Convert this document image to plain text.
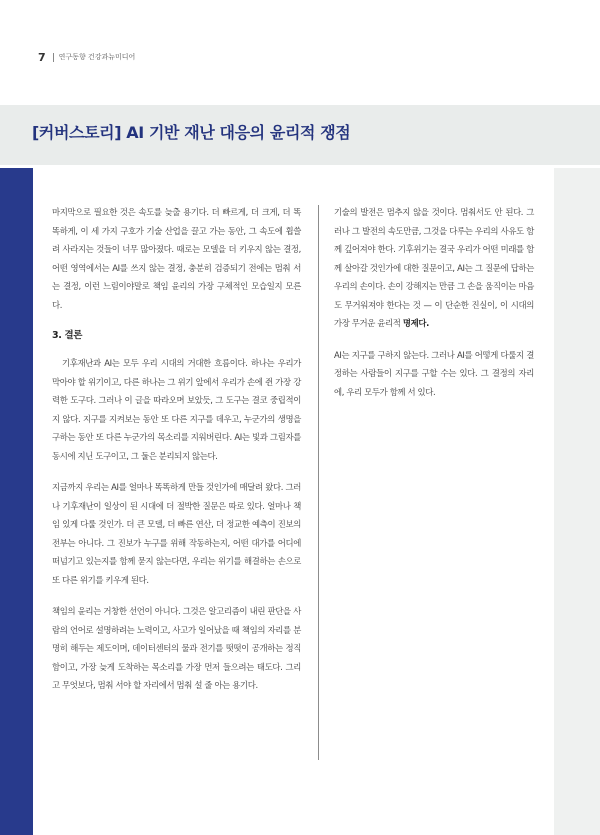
7 연구동향 건강과뉴미디어
[커버스토리] AI 기반 재난 대응의 윤리적 쟁점

마지막으로 필요한 것은 속도를 늦출 용기다. 더 빠르게, 더 크게, 더 똑똑하게, 이 세 가지 구호가 기술 산업을 끌고 가는 동안, 그 속도에 휩쓸려 사라지는 것들이 너무 많아졌다. 때로는 모델을 더 키우지 않는 결정, 어떤 영역에서는 AI를 쓰지 않는 결정, 충분히 검증되기 전에는 멈춰 서는 결정, 이런 느림이야말로 책임 윤리의 가장 구체적인 모습일지 모른다.

3. 결론

기후재난과 AI는 모두 우리 시대의 거대한 흐름이다. 하나는 우리가 막아야 할 위기이고, 다른 하나는 그 위기 앞에서 우리가 손에 쥔 가장 강력한 도구다. 그러나 이 글을 따라오며 보았듯, 그 도구는 결코 중립적이지 않다. 지구를 지켜보는 동안 또 다른 지구를 데우고, 누군가의 생명을 구하는 동안 또 다른 누군가의 목소리를 지워버린다. AI는 빛과 그림자를 동시에 지닌 도구이고, 그 둘은 분리되지 않는다.

지금까지 우리는 AI를 얼마나 똑똑하게 만들 것인가에 매달려 왔다. 그러나 기후재난이 일상이 된 시대에 더 절박한 질문은 따로 있다. 얼마나 책임 있게 다룰 것인가. 더 큰 모델, 더 빠른 연산, 더 정교한 예측이 진보의 전부는 아니다. 그 진보가 누구를 위해 작동하는지, 어떤 대가를 어디에 떠넘기고 있는지를 함께 묻지 않는다면, 우리는 위기를 해결하는 손으로 또 다른 위기를 키우게 된다.

책임의 윤리는 거창한 선언이 아니다. 그것은 알고리즘이 내린 판단을 사람의 언어로 설명하려는 노력이고, 사고가 일어났을 때 책임의 자리를 분명히 해두는 제도이며, 데이터센터의 물과 전기를 떳떳이 공개하는 정직함이고, 가장 늦게 도착하는 목소리를 가장 먼저 들으려는 태도다. 그리고 무엇보다, 멈춰 서야 할 자리에서 멈춰 설 줄 아는 용기다.

기술의 발전은 멈추지 않을 것이다. 멈춰서도 안 된다. 그러나 그 발전의 속도만큼, 그것을 다루는 우리의 사유도 함께 깊어져야 한다. 기후위기는 결국 우리가 어떤 미래를 함께 살아갈 것인가에 대한 질문이고, AI는 그 질문에 답하는 우리의 손이다. 손이 강해지는 만큼 그 손을 움직이는 마음도 무거워져야 한다는 것 — 이 단순한 진실이, 이 시대의 가장 무거운 윤리적 명제다.

AI는 지구를 구하지 않는다. 그러나 AI를 어떻게 다룰지 결정하는 사람들이 지구를 구할 수는 있다. 그 결정의 자리에, 우리 모두가 함께 서 있다.
